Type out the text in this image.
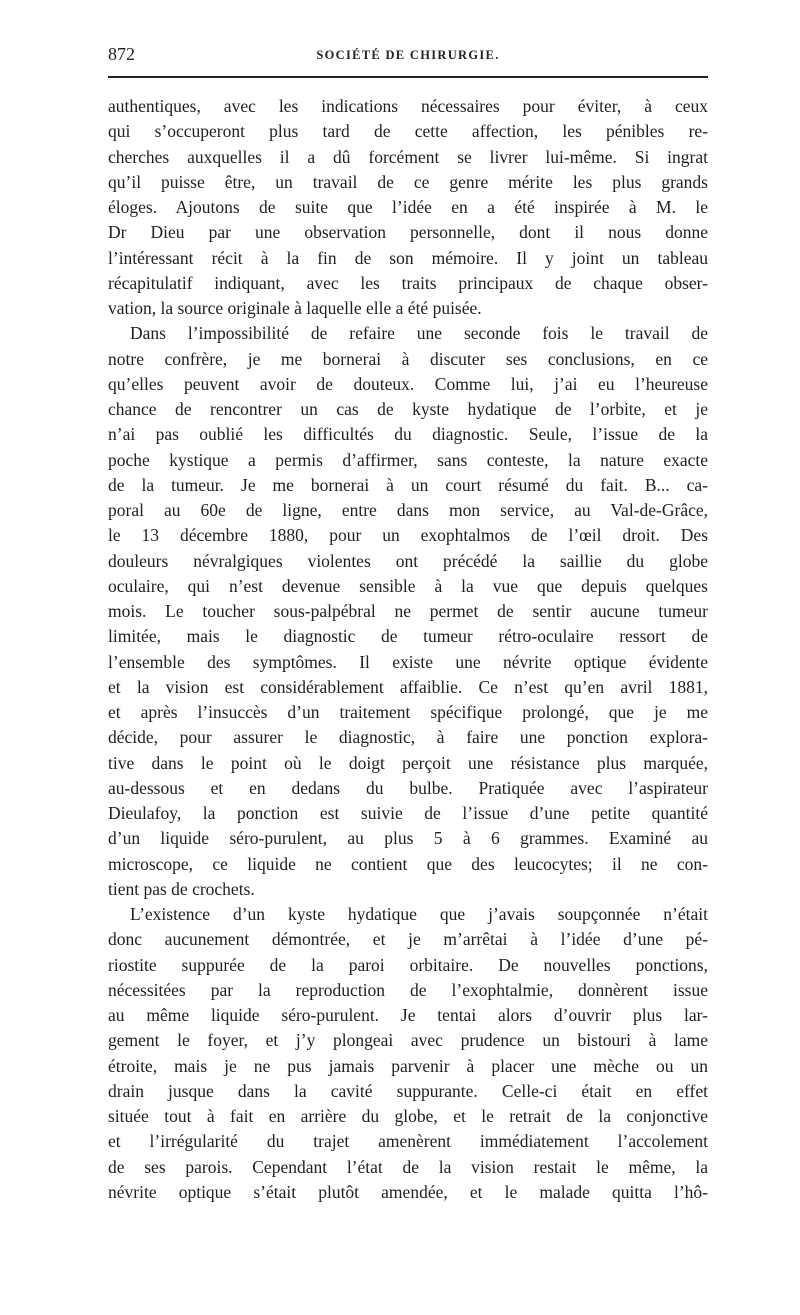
872	SOCIÉTÉ DE CHIRURGIE.
authentiques, avec les indications nécessaires pour éviter, à ceux
qui s’occuperont plus tard de cette affection, les pénibles re-
cherches auxquelles il a dû forcément se livrer lui-même. Si ingrat
qu’il puisse être, un travail de ce genre mérite les plus grands
éloges. Ajoutons de suite que l’idée en a été inspirée à M. le
Dr Dieu par une observation personnelle, dont il nous donne
l’intéressant récit à la fin de son mémoire. Il y joint un tableau
récapitulatif indiquant, avec les traits principaux de chaque obser-
vation, la source originale à laquelle elle a été puisée.
Dans l’impossibilité de refaire une seconde fois le travail de
notre confrère, je me bornerai à discuter ses conclusions, en ce
qu’elles peuvent avoir de douteux. Comme lui, j’ai eu l’heureuse
chance de rencontrer un cas de kyste hydatique de l’orbite, et je
n’ai pas oublié les difficultés du diagnostic. Seule, l’issue de la
poche kystique a permis d’affirmer, sans conteste, la nature exacte
de la tumeur. Je me bornerai à un court résumé du fait. B... ca-
poral au 60e de ligne, entre dans mon service, au Val-de-Grâce,
le 13 décembre 1880, pour un exophtalmos de l’œil droit. Des
douleurs névralgiques violentes ont précédé la saillie du globe
oculaire, qui n’est devenue sensible à la vue que depuis quelques
mois. Le toucher sous-palpébral ne permet de sentir aucune tumeur
limitée, mais le diagnostic de tumeur rétro-oculaire ressort de
l’ensemble des symptômes. Il existe une névrite optique évidente
et la vision est considérablement affaiblie. Ce n’est qu’en avril 1881,
et après l’insuccès d’un traitement spécifique prolongé, que je me
décide, pour assurer le diagnostic, à faire une ponction explora-
tive dans le point où le doigt perçoit une résistance plus marquée,
au-dessous et en dedans du bulbe. Pratiquée avec l’aspirateur
Dieulafoy, la ponction est suivie de l’issue d’une petite quantité
d’un liquide séro-purulent, au plus 5 à 6 grammes. Examiné au
microscope, ce liquide ne contient que des leucocytes; il ne con-
tient pas de crochets.
L’existence d’un kyste hydatique que j’avais soupçonnée n’était
donc aucunement démontrée, et je m’arrêtai à l’idée d’une pé-
riostite suppurée de la paroi orbitaire. De nouvelles ponctions,
nécessitées par la reproduction de l’exophtalmie, donnèrent issue
au même liquide séro-purulent. Je tentai alors d’ouvrir plus lar-
gement le foyer, et j’y plongeai avec prudence un bistouri à lame
étroite, mais je ne pus jamais parvenir à placer une mèche ou un
drain jusque dans la cavité suppurante. Celle-ci était en effet
située tout à fait en arrière du globe, et le retrait de la conjonctive
et l’irrégularité du trajet amenèrent immédiatement l’accolement
de ses parois. Cependant l’état de la vision restait le même, la
névrite optique s’était plutôt amendée, et le malade quitta l’hô-
